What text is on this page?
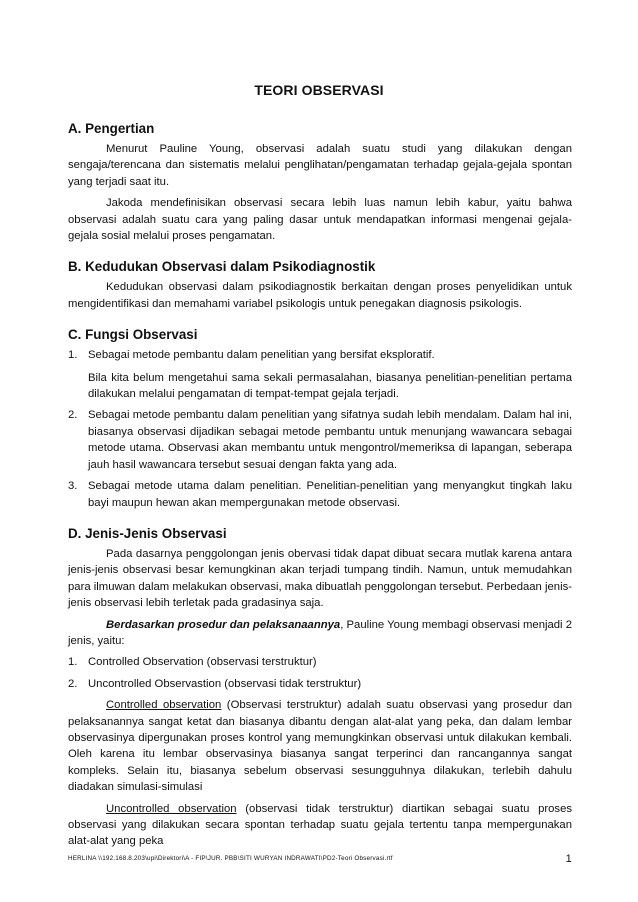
TEORI OBSERVASI
A. Pengertian

Menurut Pauline Young, observasi adalah suatu studi yang dilakukan dengan sengaja/terencana dan sistematis melalui penglihatan/pengamatan terhadap gejala-gejala spontan yang terjadi saat itu.

Jakoda mendefinisikan observasi secara lebih luas namun lebih kabur, yaitu bahwa observasi adalah suatu cara yang paling dasar untuk mendapatkan informasi mengenai gejala-gejala sosial melalui proses pengamatan.

B. Kedudukan Observasi dalam Psikodiagnostik

Kedudukan observasi dalam psikodiagnostik berkaitan dengan proses penyelidikan untuk mengidentifikasi dan memahami variabel psikologis untuk penegakan diagnosis psikologis.

C. Fungsi Observasi
1. Sebagai metode pembantu dalam penelitian yang bersifat eksploratif.

Bila kita belum mengetahui sama sekali permasalahan, biasanya penelitian-penelitian pertama dilakukan melalui pengamatan di tempat-tempat gejala terjadi.

2. Sebagai metode pembantu dalam penelitian yang sifatnya sudah lebih mendalam. Dalam hal ini, biasanya observasi dijadikan sebagai metode pembantu untuk menunjang wawancara sebagai metode utama. Observasi akan membantu untuk mengontrol/memeriksa di lapangan, seberapa jauh hasil wawancara tersebut sesuai dengan fakta yang ada.
3. Sebagai metode utama dalam penelitian. Penelitian-penelitian yang menyangkut tingkah laku bayi maupun hewan akan mempergunakan metode observasi.
D. Jenis-Jenis Observasi

Pada dasarnya penggolongan jenis obervasi tidak dapat dibuat secara mutlak karena antara jenis-jenis observasi besar kemungkinan akan terjadi tumpang tindih. Namun, untuk memudahkan para ilmuwan dalam melakukan observasi, maka dibuatlah penggolongan tersebut. Perbedaan jenis-jenis observasi lebih terletak pada gradasinya saja.

Berdasarkan prosedur dan pelaksanaannya, Pauline Young membagi observasi menjadi 2 jenis, yaitu:

1. Controlled Observation (observasi terstruktur)
2. Uncontrolled Observastion (observasi tidak terstruktur)

Controlled observation (Observasi terstruktur) adalah suatu observasi yang prosedur dan pelaksanannya sangat ketat dan biasanya dibantu dengan alat-alat yang peka, dan dalam lembar observasinya dipergunakan proses kontrol yang memungkinkan observasi untuk dilakukan kembali. Oleh karena itu lembar observasinya biasanya sangat terperinci dan rancangannya sangat kompleks. Selain itu, biasanya sebelum observasi sesungguhnya dilakukan, terlebih dahulu diadakan simulasi-simulasi

Uncontrolled observation (observasi tidak terstruktur) diartikan sebagai suatu proses observasi yang dilakukan secara spontan terhadap suatu gejala tertentu tanpa mempergunakan alat-alat yang peka

HERLINA \\192.168.8.203\upi\Direktori\A - FIP\JUR. PBB\SITI WURYAN INDRAWATI\PD2-Teori Observasi.rtf	1
